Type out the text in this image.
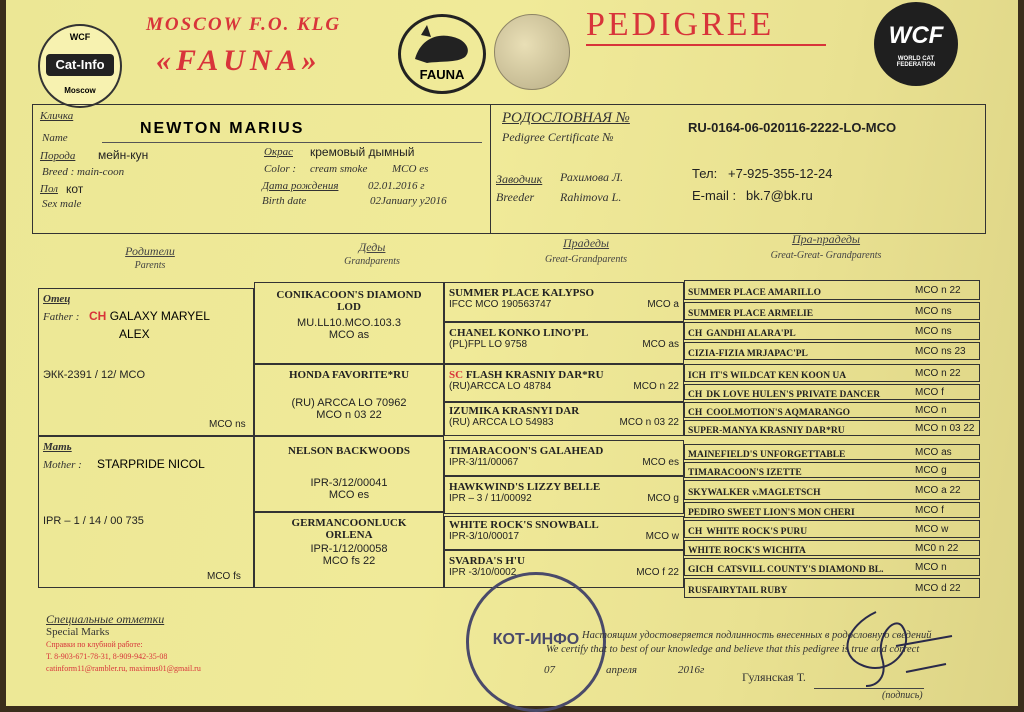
WCF
Cat-Info
Moscow
MOSCOW F.O. KLG
«FAUNA»	FAUNA
PEDIGREE	WCF
WORLD CAT FEDERATION
Кличка
Name
NEWTON MARIUS
Порода мейн-кун
Breed : main-coon
Окрас кремовый дымный
Color : cream smoke MCO es
Пол кот
Sex male
Дата рождения	02.01.2016 г
Birth date	02January y2016
РОДОСЛОВНАЯ №
Pedigree Certificate №
RU-0164-06-020116-2222-LO-MCO
Заводчик Рахимова Л.
Breeder Rahimova L.
Тел: +7-925-355-12-24
E-mail : bk.7@bk.ru
Родители
Parents
Деды
Grandparents
Прадеды
Great-Grandparents
Пра-прадеды
Great-Great- Grandparents
Отец
Father : CH GALAXY MARYEL
ALEX
ЭКК-2391 / 12/ MCO
MCO ns
Мать
Mother : STARPRIDE NICOL
IPR – 1 / 14 / 00 735
MCO fs
CONIKACOON'S DIAMOND
LOD
MU.LL10.MCO.103.3
MCO as
HONDA FAVORITE*RU
(RU) ARCCA LO 70962
MCO n 03 22
NELSON BACKWOODS
IPR-3/12/00041
MCO es
GERMANCOONLUCK
ORLENA
IPR-1/12/00058
MCO fs 22
SUMMER PLACE KALYPSO
IFCC MCO 190563747	MCO a
CHANEL KONKO LINO'PL
(PL)FPL LO 9758	MCO as
SC FLASH KRASNIY DAR*RU
(RU)ARCCA LO 48784	MCO n 22
IZUMIKA KRASNYI DAR
(RU) ARCCA LO 54983	MCO n 03 22
TIMARACOON'S GALAHEAD
IPR-3/11/00067	MCO es
HAWKWIND'S LIZZY BELLE
IPR – 3 / 11/00092	MCO g
WHITE ROCK'S SNOWBALL
IPR-3/10/00017	MCO w
SVARDA'S H'U
IPR -3/10/0002	MCO f 22
SUMMER PLACE AMARILLO	MCO n 22
SUMMER PLACE ARMELIE	MCO ns
CH GANDHI ALARA'PL	MCO ns
CIZIA-FIZIA MRJAPAC'PL	MCO ns 23
ICH IT'S WILDCAT KEN KOON UA	MCO n 22
CH DK LOVE HULEN'S PRIVATE DANCER	MCO f
CH COOLMOTION'S AQMARANGO	MCO n
SUPER-MANYA KRASNIY DAR*RU	MCO n 03 22
MAINEFIELD'S UNFORGETTABLE	MCO as
TIMARACOON'S IZETTE	MCO g
SKYWALKER v.MAGLETSCH	MCO a 22
PEDIRO SWEET LION'S MON CHERI	MCO f
CH WHITE ROCK'S PURU	MCO w
WHITE ROCK'S WICHITA	MC0 n 22
GICH CATSVILL COUNTY'S DIAMOND BL.	MCO n
RUSFAIRYTAIL RUBY	MCO d 22
Специальные отметки
Special Marks
Справки по клубной работе:
Т. 8-903-671-78-31, 8-909-942-35-08
catinform11@rambler.ru, maximus01@gmail.ru
КОТ-ИНФО Настоящим удостоверяется подлинность внесенных в родословную сведений
We certify that to best of our knowledge and believe that this pedigree is true and correct
07	апреля	2016г	Гулянская Т.
(подпись)
